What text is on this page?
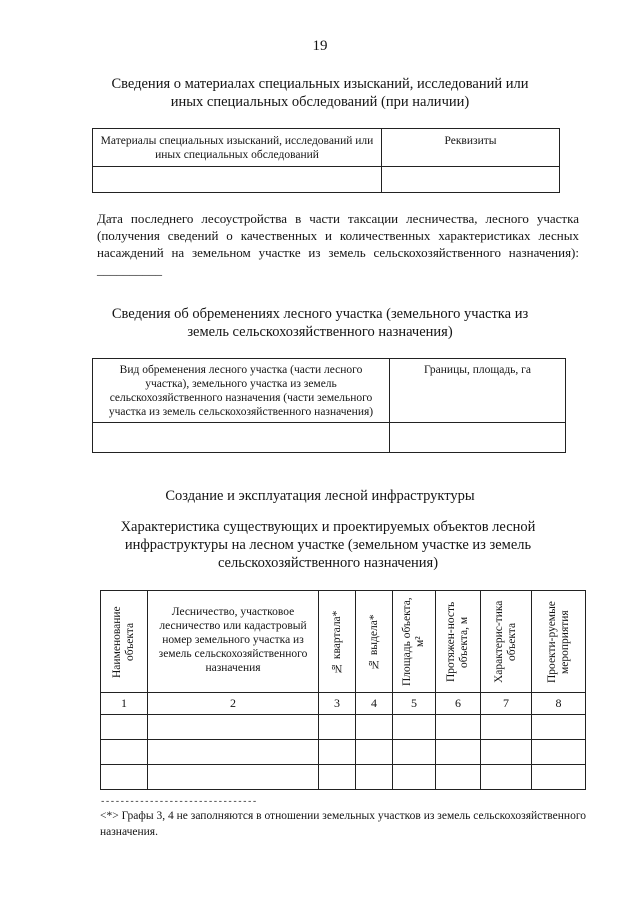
19
Сведения о материалах специальных изысканий, исследований или иных специальных обследований (при наличии)
Материалы специальных изысканий, исследований или иных специальных обследований	Реквизиты

Дата последнего лесоустройства в части таксации лесничества, лесного участка (получения сведений о качественных и количественных характеристиках лесных насаждений на земельном участке из земель сельскохозяйственного назначения): __________
Сведения об обременениях лесного участка (земельного участка из земель сельскохозяйственного назначения)
Вид обременения лесного участка (части лесного участка), земельного участка из земель сельскохозяйственного назначения (части земельного участка из земель сельскохозяйственного назначения)	Границы, площадь, га

Создание и эксплуатация лесной инфраструктуры
Характеристика существующих и проектируемых объектов лесной инфраструктуры на лесном участке (земельном участке из земель сельскохозяйственного назначения)
Наименование объекта	Лесничество, участковое лесничество или кадастровый номер земельного участка из земель сельскохозяйственного назначения	№ квартала*	№ выдела*	Площадь объекта, м²	Протяжен-ность объекта, м	Характерис-тика объекта	Проекти-руемые мероприятия

1	2	3	4	5	6	7	8

--------------------------------
<*> Графы 3, 4 не заполняются в отношении земельных участков из земель сельскохозяйственного назначения.
